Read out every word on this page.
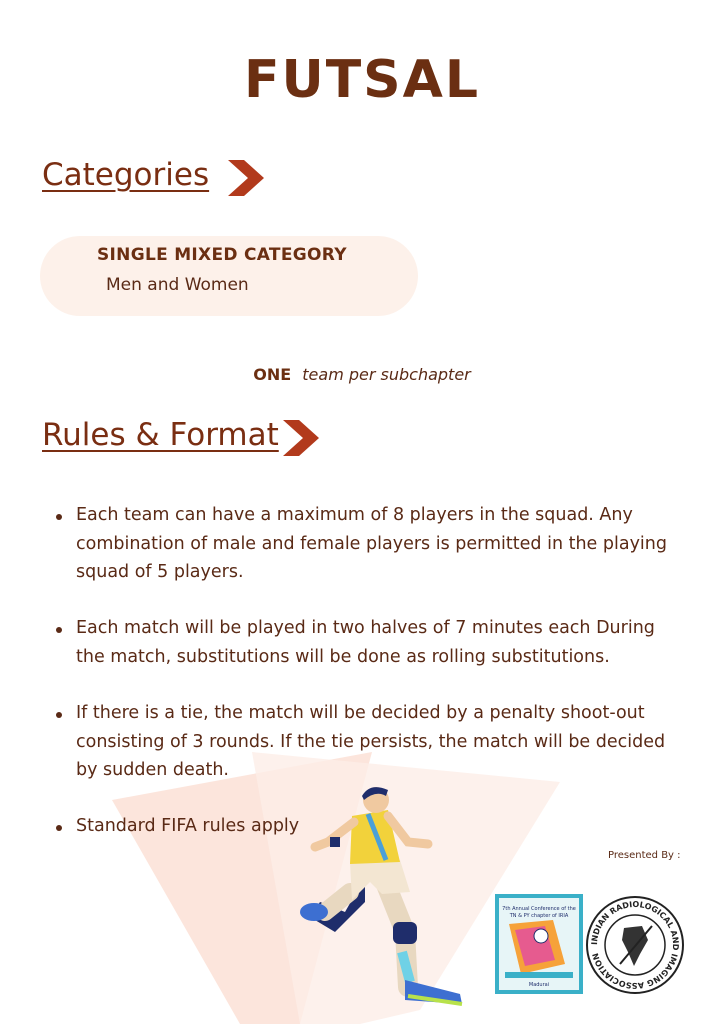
FUTSAL
Categories
SINGLE MIXED CATEGORY
Men and Women
ONE team per subchapter
Rules & Format
Each team can have a maximum of 8 players in the squad. Any combination of male and female players is permitted in the playing squad of 5 players.
Each match will be played in two halves of 7 minutes each During the match, substitutions will be done as rolling substitutions.
If there is a tie, the match will be decided by a penalty shoot-out consisting of 3 rounds. If the tie persists, the match will be decided by sudden death.
Standard FIFA rules apply
Presented By :
7th Annual Conference of the
TN & PY chapter of IRIA
Madurai
INDIAN RADIOLOGICAL AND IMAGING ASSOCIATION
